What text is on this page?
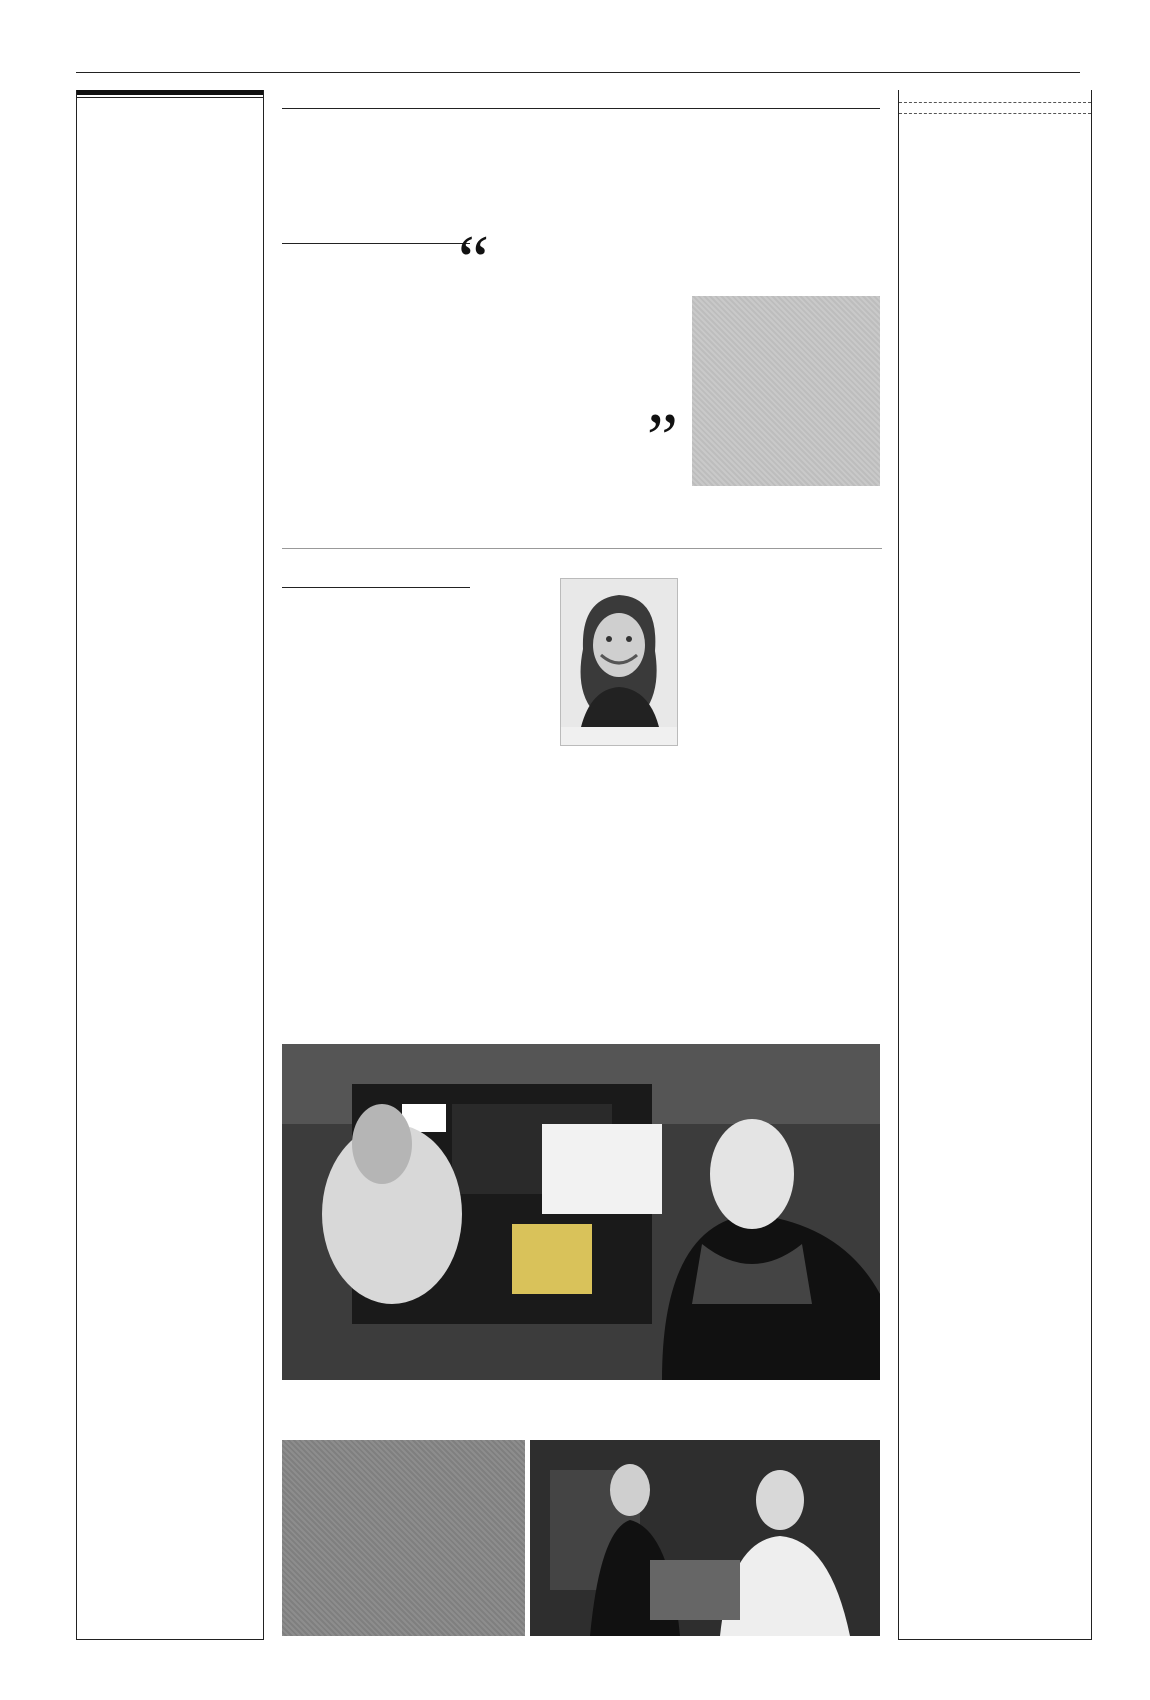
“
”
